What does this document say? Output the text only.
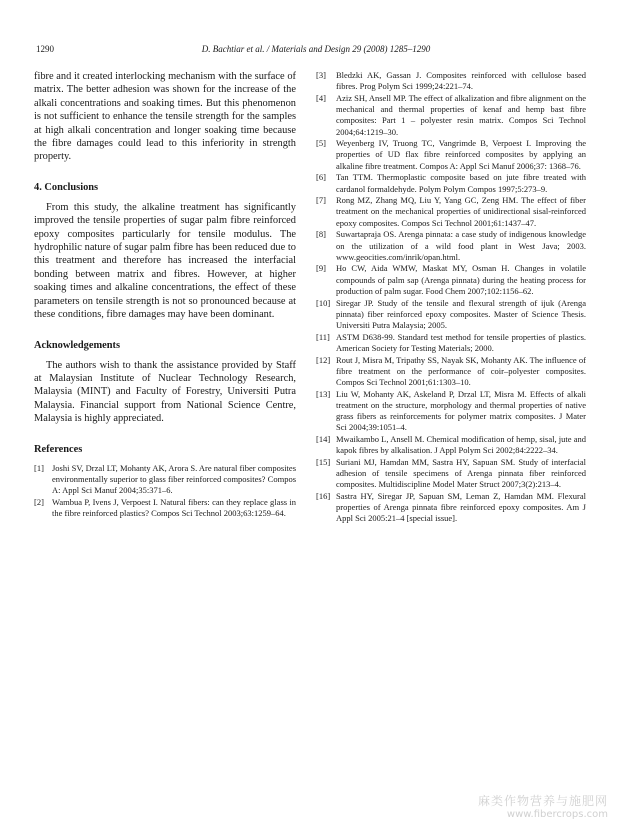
1290	D. Bachtiar et al. / Materials and Design 29 (2008) 1285–1290

fibre and it created interlocking mechanism with the surface of matrix. The better adhesion was shown for the increase of the alkali concentrations and soaking times. But this phenomenon is not sufficient to enhance the tensile strength for the samples at high alkali concentration and longer soaking time because the fibre damages could lead to this inferiority in strength property.

4. Conclusions

From this study, the alkaline treatment has significantly improved the tensile properties of sugar palm fibre reinforced epoxy composites particularly for tensile modulus. The hydrophilic nature of sugar palm fibre has been reduced due to this treatment and therefore has increased the interfacial bonding between matrix and fibres. However, at higher soaking times and alkaline concentrations, the effect of these parameters on tensile strength is not so pronounced because at these conditions, fibre damages may have been dominant.

Acknowledgements

The authors wish to thank the assistance provided by Staff at Malaysian Institute of Nuclear Technology Research, Malaysia (MINT) and Faculty of Forestry, Universiti Putra Malaysia. Financial support from National Science Centre, Malaysia is highly appreciated.

References
[1] Joshi SV, Drzal LT, Mohanty AK, Arora S. Are natural fiber composites environmentally superior to glass fiber reinforced composites? Compos A: Appl Sci Manuf 2004;35:371–6.
[2] Wambua P, Ivens J, Verpoest I. Natural fibers: can they replace glass in the fibre reinforced plastics? Compos Sci Technol 2003;63:1259–64.
[3] Bledzki AK, Gassan J. Composites reinforced with cellulose based fibres. Prog Polym Sci 1999;24:221–74.
[4] Aziz SH, Ansell MP. The effect of alkalization and fibre alignment on the mechanical and thermal properties of kenaf and hemp bast fibre composites: Part 1 – polyester resin matrix. Compos Sci Technol 2004;64:1219–30.
[5] Weyenberg IV, Truong TC, Vangrimde B, Verpoest I. Improving the properties of UD flax fibre reinforced composites by applying an alkaline fibre treatment. Compos A: Appl Sci Manuf 2006;37: 1368–76.
[6] Tan TTM. Thermoplastic composite based on jute fibre treated with cardanol formaldehyde. Polym Polym Compos 1997;5:273–9.
[7] Rong MZ, Zhang MQ, Liu Y, Yang GC, Zeng HM. The effect of fiber treatment on the mechanical properties of unidirectional sisal-reinforced epoxy composites. Compos Sci Technol 2001;61:1437–47.
[8] Suwartapraja OS. Arenga pinnata: a case study of indigenous knowledge on the utilization of a wild food plant in West Java; 2003. www.geocities.com/inrik/opan.html.
[9] Ho CW, Aida WMW, Maskat MY, Osman H. Changes in volatile compounds of palm sap (Arenga pinnata) during the heating process for production of palm sugar. Food Chem 2007;102:1156–62.
[10] Siregar JP. Study of the tensile and flexural strength of ijuk (Arenga pinnata) fiber reinforced epoxy composites. Master of Science Thesis. Universiti Putra Malaysia; 2005.
[11] ASTM D638-99. Standard test method for tensile properties of plastics. American Society for Testing Materials; 2000.
[12] Rout J, Misra M, Tripathy SS, Nayak SK, Mohanty AK. The influence of fibre treatment on the performance of coir–polyester composites. Compos Sci Technol 2001;61:1303–10.
[13] Liu W, Mohanty AK, Askeland P, Drzal LT, Misra M. Effects of alkali treatment on the structure, morphology and thermal properties of native grass fibers as reinforcements for polymer matrix composites. J Mater Sci 2004;39:1051–4.
[14] Mwaikambo L, Ansell M. Chemical modification of hemp, sisal, jute and kapok fibres by alkalisation. J Appl Polym Sci 2002;84:2222–34.
[15] Suriani MJ, Hamdan MM, Sastra HY, Sapuan SM. Study of interfacial adhesion of tensile specimens of Arenga pinnata fiber reinforced composites. Multidiscipline Model Mater Struct 2007;3(2):213–4.
[16] Sastra HY, Siregar JP, Sapuan SM, Leman Z, Hamdan MM. Flexural properties of Arenga pinnata fibre reinforced epoxy composites. Am J Appl Sci 2005:21–4 [special issue].
麻类作物营养与施肥网
www.fibercrops.com
